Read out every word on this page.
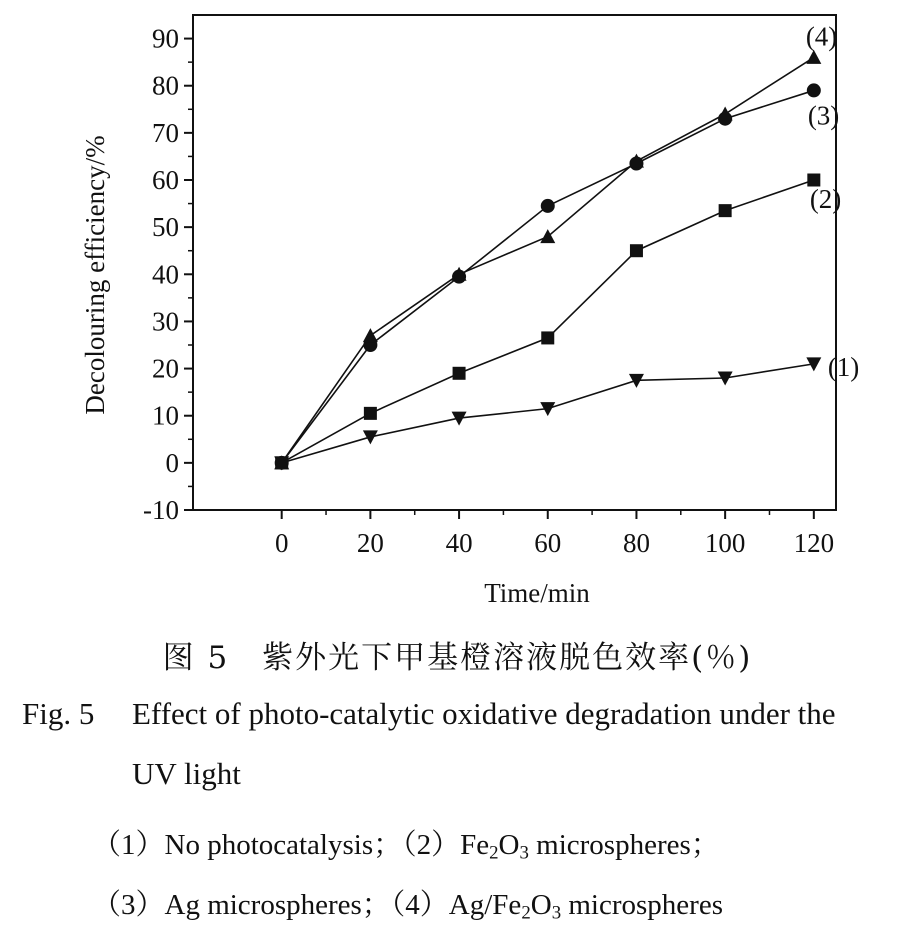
0	20 40 60 80 100 120
-10
0
10
20
30
40
50
60
70
80
90
(1)
(2)
(3)
(4)
Time/min
Decolouring efficiency/%
图 5　紫外光下甲基橙溶液脱色效率(％)
Fig. 5 Effect of photo-catalytic oxidative degradation under the
UV light
（1）No photocatalysis；$(2)Fe_2O_3$ microspheres；
（3）Ag microspheres；$(4)Ag/Fe_2O_3$ microspheres
